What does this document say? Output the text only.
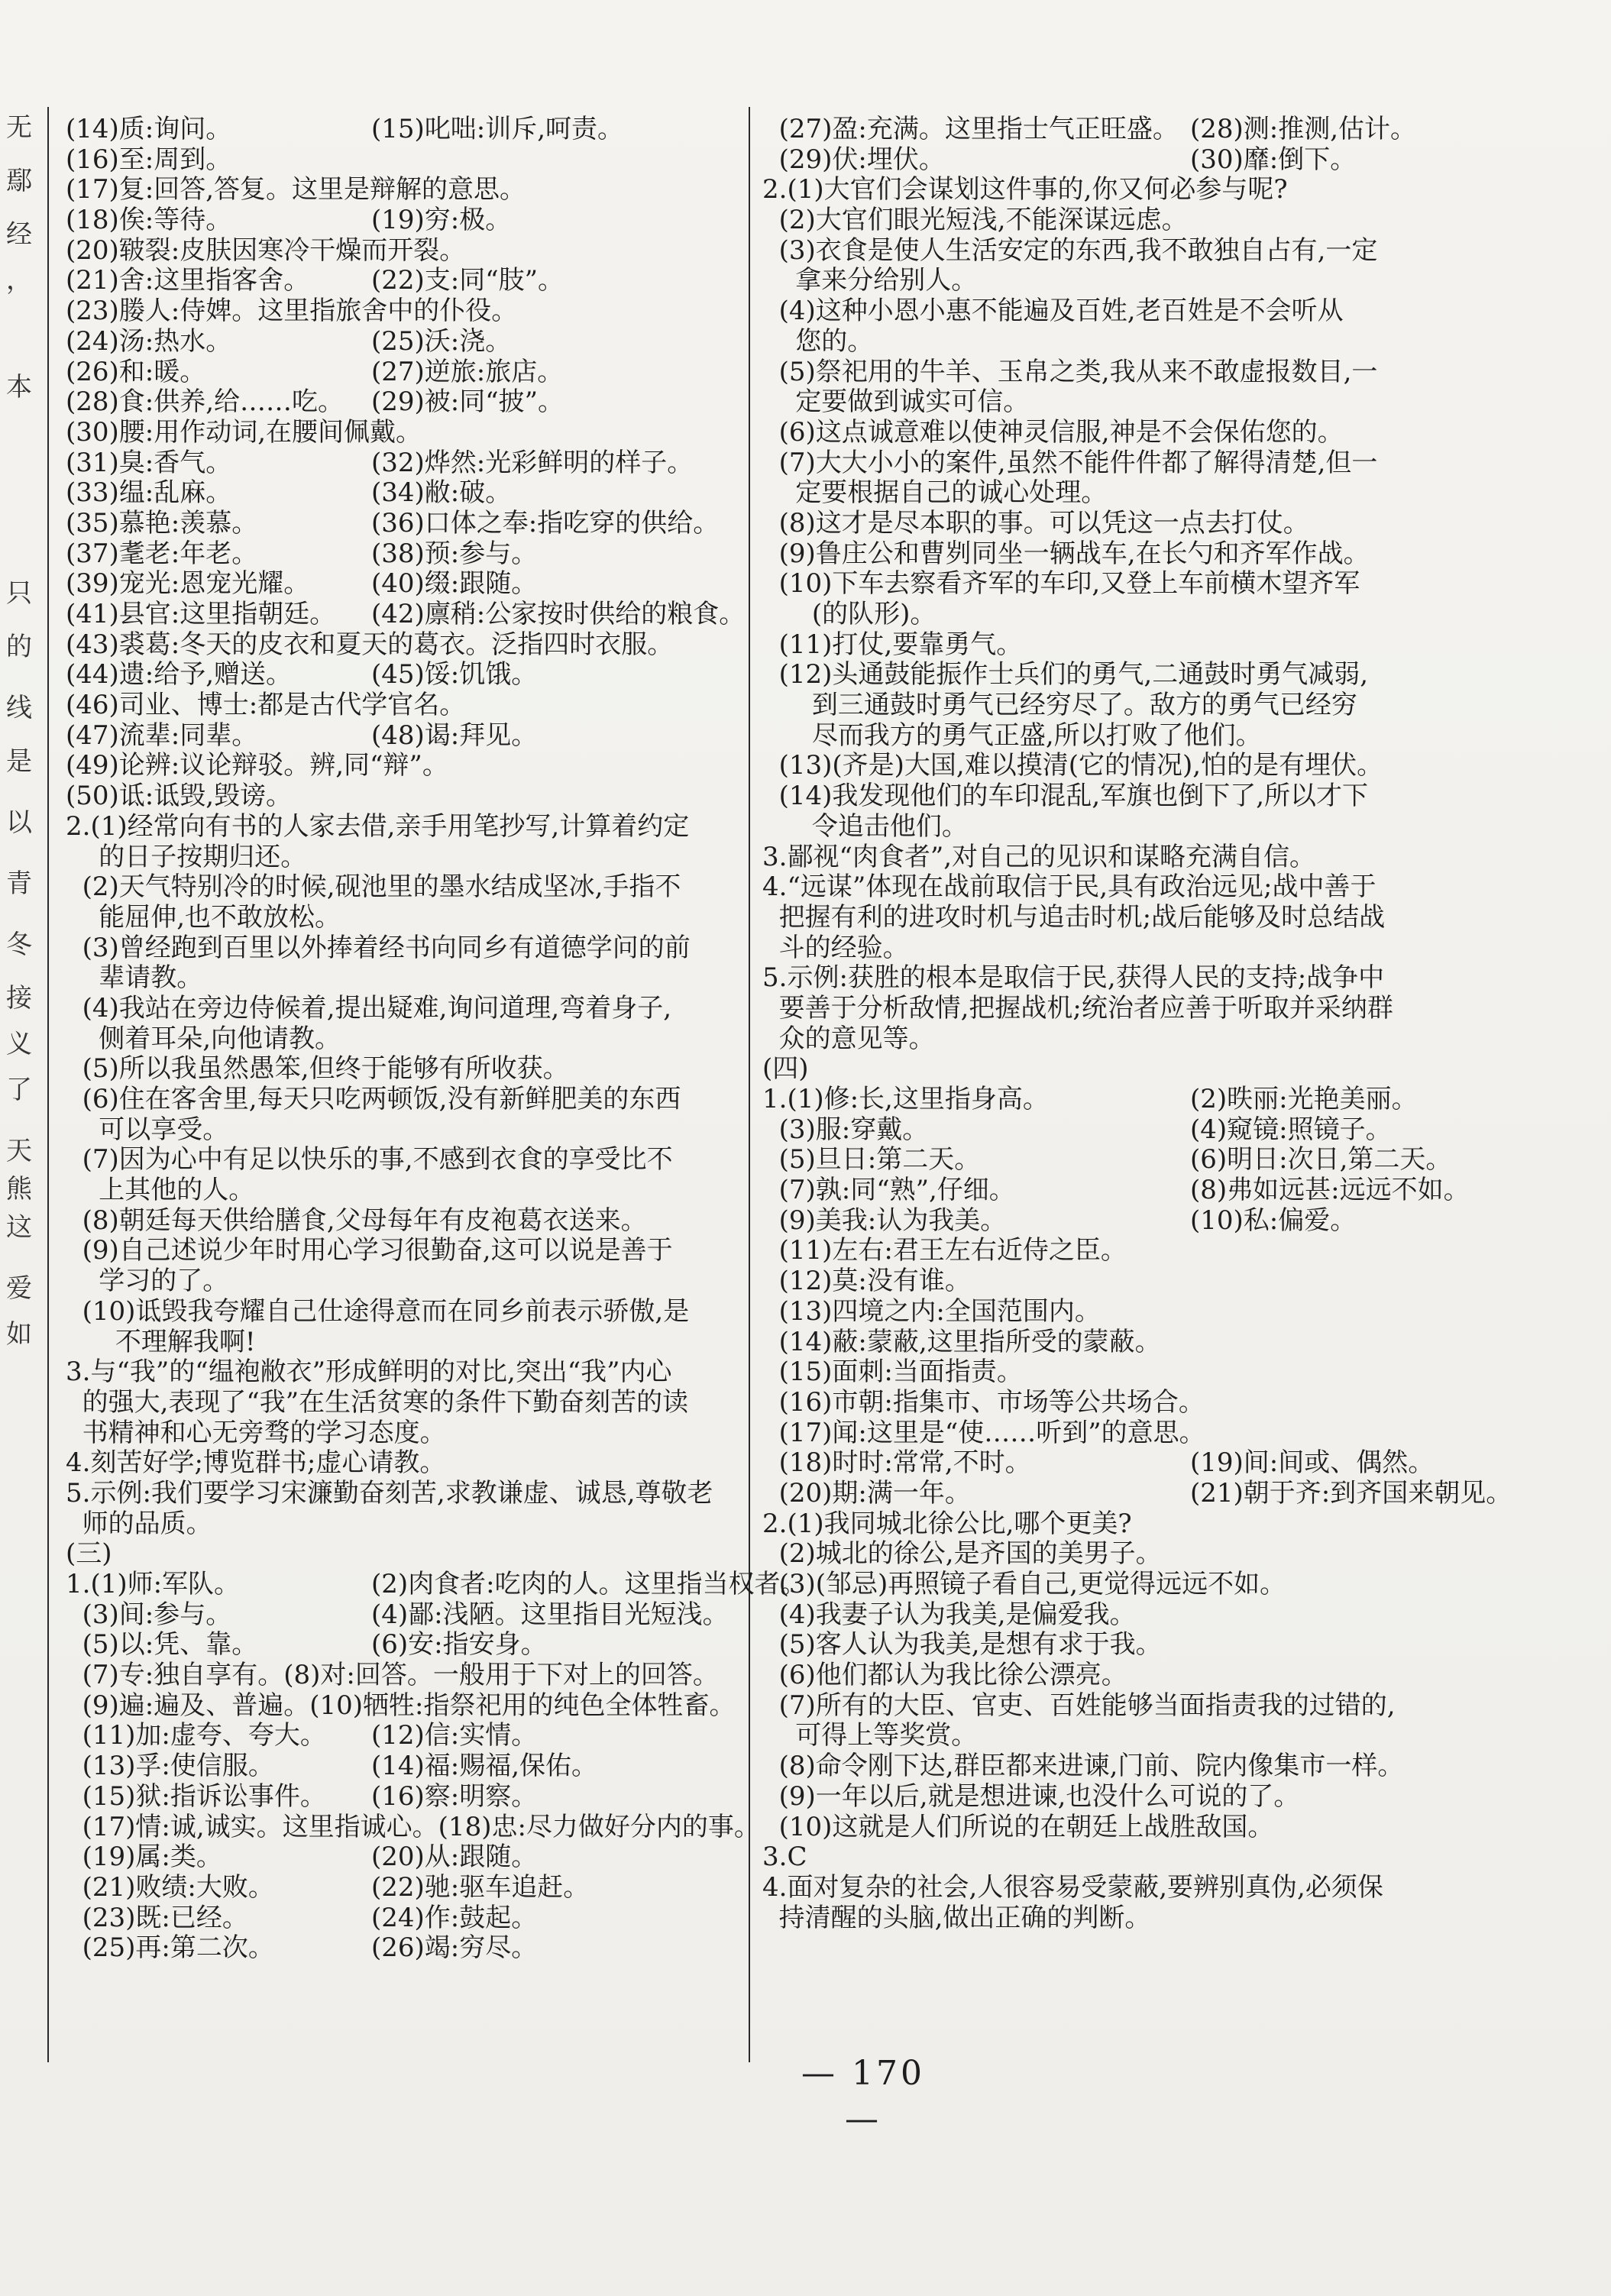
无
鄢
经
，
本
只
的
线
是
以
青
冬
接
义
了
天
熊
这
爱
如
(14)质:询问。	(15)叱咄:训斥,呵责。
(16)至:周到。
(17)复:回答,答复。这里是辩解的意思。
(18)俟:等待。	(19)穷:极。
(20)皲裂:皮肤因寒冷干燥而开裂。
(21)舍:这里指客舍。 (22)支:同“肢”。
(23)媵人:侍婢。这里指旅舍中的仆役。
(24)汤:热水。	(25)沃:浇。
(26)和:暖。	(27)逆旅:旅店。
(28)食:供养,给……吃。 (29)被:同“披”。
(30)腰:用作动词,在腰间佩戴。
(31)臭:香气。	(32)烨然:光彩鲜明的样子。
(33)缊:乱麻。	(34)敝:破。
(35)慕艳:羡慕。	(36)口体之奉:指吃穿的供给。
(37)耄老:年老。	(38)预:参与。
(39)宠光:恩宠光耀。 (40)缀:跟随。
(41)县官:这里指朝廷。 (42)廪稍:公家按时供给的粮食。
(43)裘葛:冬天的皮衣和夏天的葛衣。泛指四时衣服。
(44)遗:给予,赠送。	(45)馁:饥饿。
(46)司业、博士:都是古代学官名。
(47)流辈:同辈。	(48)谒:拜见。
(49)论辨:议论辩驳。辨,同“辩”。
(50)诋:诋毁,毁谤。
2.(1)经常向有书的人家去借,亲手用笔抄写,计算着约定
的日子按期归还。
(2)天气特别冷的时候,砚池里的墨水结成坚冰,手指不
能屈伸,也不敢放松。
(3)曾经跑到百里以外捧着经书向同乡有道德学问的前
辈请教。
(4)我站在旁边侍候着,提出疑难,询问道理,弯着身子,
侧着耳朵,向他请教。
(5)所以我虽然愚笨,但终于能够有所收获。
(6)住在客舍里,每天只吃两顿饭,没有新鲜肥美的东西
可以享受。
(7)因为心中有足以快乐的事,不感到衣食的享受比不
上其他的人。
(8)朝廷每天供给膳食,父母每年有皮袍葛衣送来。
(9)自己述说少年时用心学习很勤奋,这可以说是善于
学习的了。
(10)诋毁我夸耀自己仕途得意而在同乡前表示骄傲,是
不理解我啊!
3.与“我”的“缊袍敝衣”形成鲜明的对比,突出“我”内心
的强大,表现了“我”在生活贫寒的条件下勤奋刻苦的读
书精神和心无旁骛的学习态度。
4.刻苦好学;博览群书;虚心请教。
5.示例:我们要学习宋濂勤奋刻苦,求教谦虚、诚恳,尊敬老
师的品质。
(三)
1.(1)师:军队。	(2)肉食者:吃肉的人。这里指当权者。
(3)间:参与。	(4)鄙:浅陋。这里指目光短浅。
(5)以:凭、靠。	(6)安:指安身。
(7)专:独自享有。(8)对:回答。一般用于下对上的回答。
(9)遍:遍及、普遍。(10)牺牲:指祭祀用的纯色全体牲畜。
(11)加:虚夸、夸大。 (12)信:实情。
(13)孚:使信服。	(14)福:赐福,保佑。
(15)狱:指诉讼事件。 (16)察:明察。
(17)情:诚,诚实。这里指诚心。(18)忠:尽力做好分内的事。
(19)属:类。	(20)从:跟随。
(21)败绩:大败。	(22)驰:驱车追赶。
(23)既:已经。	(24)作:鼓起。
(25)再:第二次。	(26)竭:穷尽。
(27)盈:充满。这里指士气正旺盛。 (28)测:推测,估计。
(29)伏:埋伏。	(30)靡:倒下。
2.(1)大官们会谋划这件事的,你又何必参与呢?
(2)大官们眼光短浅,不能深谋远虑。
(3)衣食是使人生活安定的东西,我不敢独自占有,一定
拿来分给别人。
(4)这种小恩小惠不能遍及百姓,老百姓是不会听从
您的。
(5)祭祀用的牛羊、玉帛之类,我从来不敢虚报数目,一
定要做到诚实可信。
(6)这点诚意难以使神灵信服,神是不会保佑您的。
(7)大大小小的案件,虽然不能件件都了解得清楚,但一
定要根据自己的诚心处理。
(8)这才是尽本职的事。可以凭这一点去打仗。
(9)鲁庄公和曹刿同坐一辆战车,在长勺和齐军作战。
(10)下车去察看齐军的车印,又登上车前横木望齐军
(的队形)。
(11)打仗,要靠勇气。
(12)头通鼓能振作士兵们的勇气,二通鼓时勇气减弱,
到三通鼓时勇气已经穷尽了。敌方的勇气已经穷
尽而我方的勇气正盛,所以打败了他们。
(13)(齐是)大国,难以摸清(它的情况),怕的是有埋伏。
(14)我发现他们的车印混乱,军旗也倒下了,所以才下
令追击他们。
3.鄙视“肉食者”,对自己的见识和谋略充满自信。
4.“远谋”体现在战前取信于民,具有政治远见;战中善于
把握有利的进攻时机与追击时机;战后能够及时总结战
斗的经验。
5.示例:获胜的根本是取信于民,获得人民的支持;战争中
要善于分析敌情,把握战机;统治者应善于听取并采纳群
众的意见等。
(四)
1.(1)修:长,这里指身高。	(2)昳丽:光艳美丽。
(3)服:穿戴。	(4)窥镜:照镜子。
(5)旦日:第二天。	(6)明日:次日,第二天。
(7)孰:同“熟”,仔细。	(8)弗如远甚:远远不如。
(9)美我:认为我美。	(10)私:偏爱。
(11)左右:君王左右近侍之臣。
(12)莫:没有谁。
(13)四境之内:全国范围内。
(14)蔽:蒙蔽,这里指所受的蒙蔽。
(15)面刺:当面指责。
(16)市朝:指集市、市场等公共场合。
(17)闻:这里是“使……听到”的意思。
(18)时时:常常,不时。	(19)间:间或、偶然。
(20)期:满一年。	(21)朝于齐:到齐国来朝见。
2.(1)我同城北徐公比,哪个更美?
(2)城北的徐公,是齐国的美男子。
(3)(邹忌)再照镜子看自己,更觉得远远不如。
(4)我妻子认为我美,是偏爱我。
(5)客人认为我美,是想有求于我。
(6)他们都认为我比徐公漂亮。
(7)所有的大臣、官吏、百姓能够当面指责我的过错的,
可得上等奖赏。
(8)命令刚下达,群臣都来进谏,门前、院内像集市一样。
(9)一年以后,就是想进谏,也没什么可说的了。
(10)这就是人们所说的在朝廷上战胜敌国。
3.C
4.面对复杂的社会,人很容易受蒙蔽,要辨别真伪,必须保
持清醒的头脑,做出正确的判断。
— 170 —
